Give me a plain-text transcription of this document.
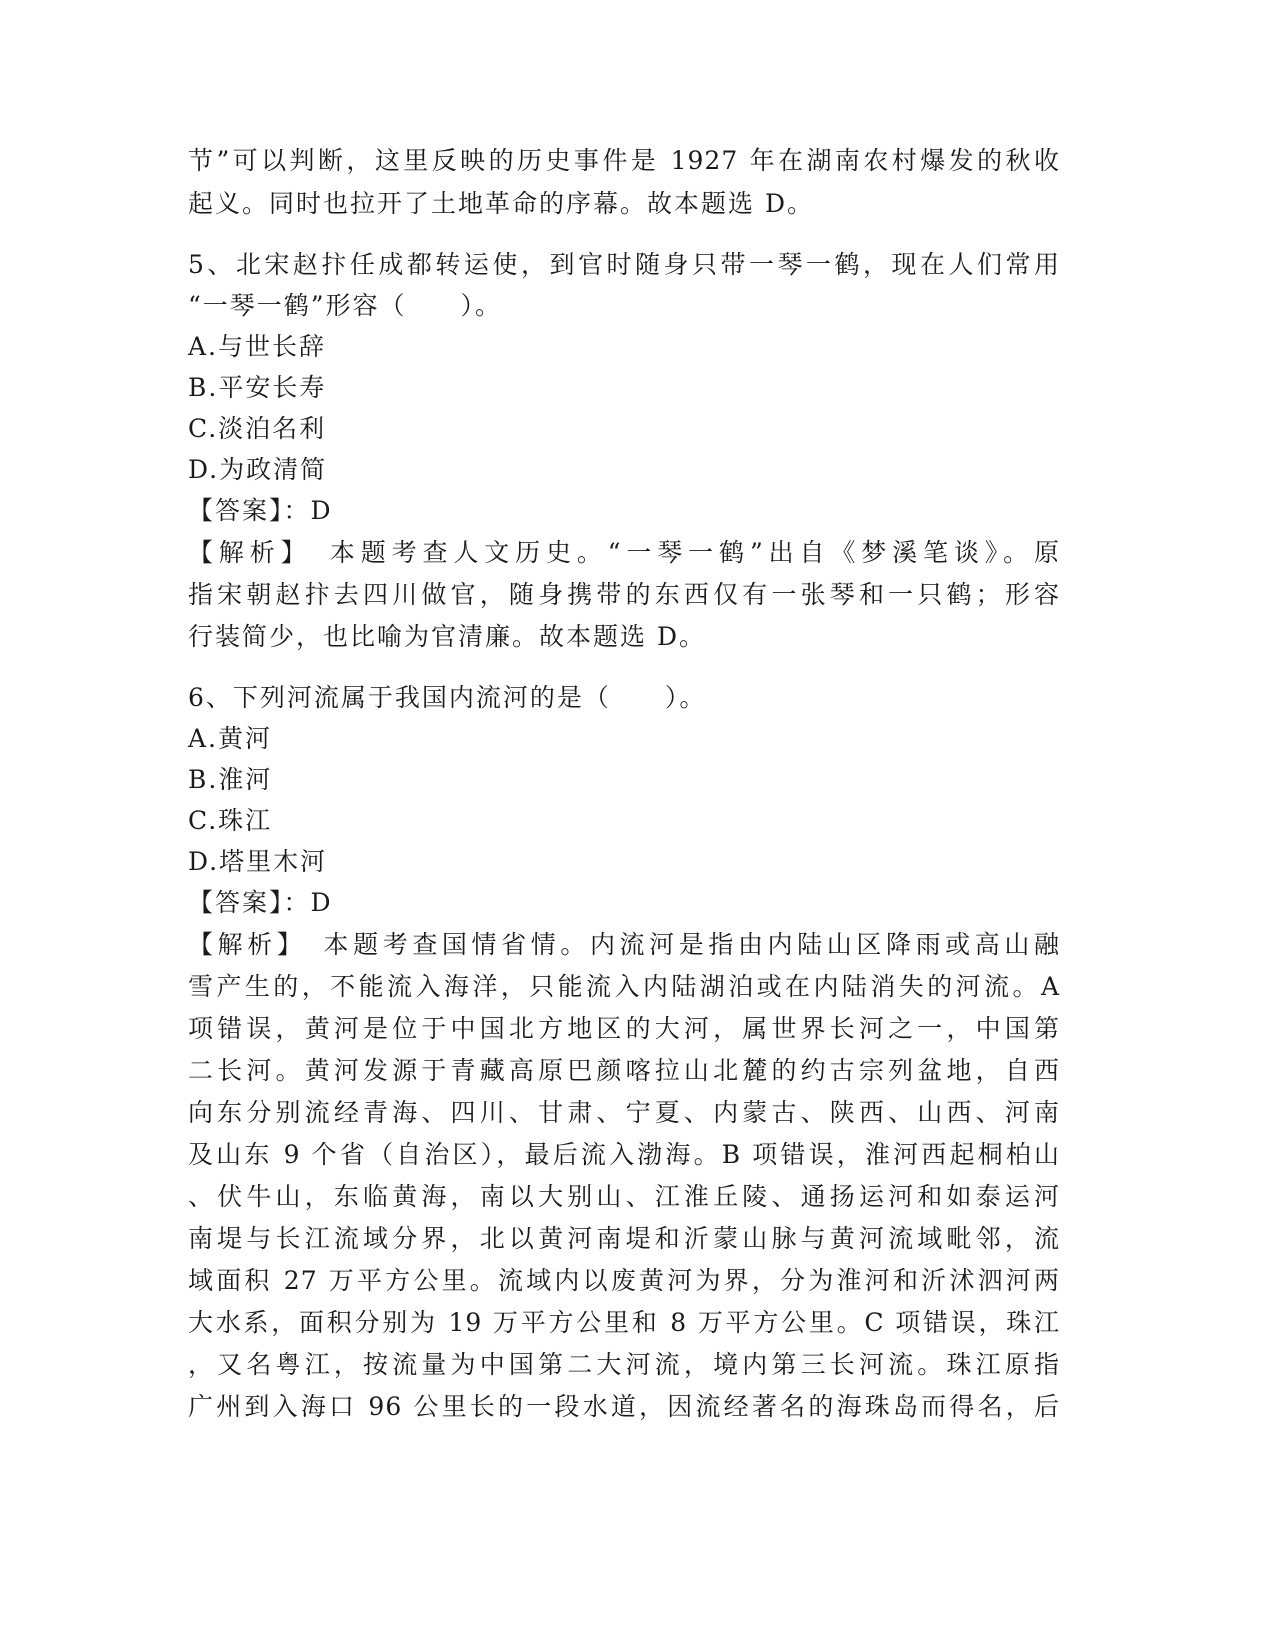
节”可以判断，这里反映的历史事件是 1927 年在湖南农村爆发的秋收
起义。同时也拉开了土地革命的序幕。故本题选 D。
5、北宋赵抃任成都转运使，到官时随身只带一琴一鹤，现在人们常用
“一琴一鹤”形容（　　）。
A.与世长辞
B.平安长寿
C.淡泊名利
D.为政清简
【答案】：D
【解析】　本题考查人文历史。“一琴一鹤”出自《梦溪笔谈》。原
指宋朝赵抃去四川做官，随身携带的东西仅有一张琴和一只鹤；形容
行装简少，也比喻为官清廉。故本题选 D。
6、下列河流属于我国内流河的是（　　）。
A.黄河
B.淮河
C.珠江
D.塔里木河
【答案】：D
【解析】　本题考查国情省情。内流河是指由内陆山区降雨或高山融
雪产生的，不能流入海洋，只能流入内陆湖泊或在内陆消失的河流。A
项错误，黄河是位于中国北方地区的大河，属世界长河之一，中国第
二长河。黄河发源于青藏高原巴颜喀拉山北麓的约古宗列盆地，自西
向东分别流经青海、四川、甘肃、宁夏、内蒙古、陕西、山西、河南
及山东 9 个省（自治区），最后流入渤海。B 项错误，淮河西起桐柏山
、伏牛山，东临黄海，南以大别山、江淮丘陵、通扬运河和如泰运河
南堤与长江流域分界，北以黄河南堤和沂蒙山脉与黄河流域毗邻，流
域面积 27 万平方公里。流域内以废黄河为界，分为淮河和沂沭泗河两
大水系，面积分别为 19 万平方公里和 8 万平方公里。C 项错误，珠江
，又名粤江，按流量为中国第二大河流，境内第三长河流。珠江原指
广州到入海口 96 公里长的一段水道，因流经著名的海珠岛而得名，后
